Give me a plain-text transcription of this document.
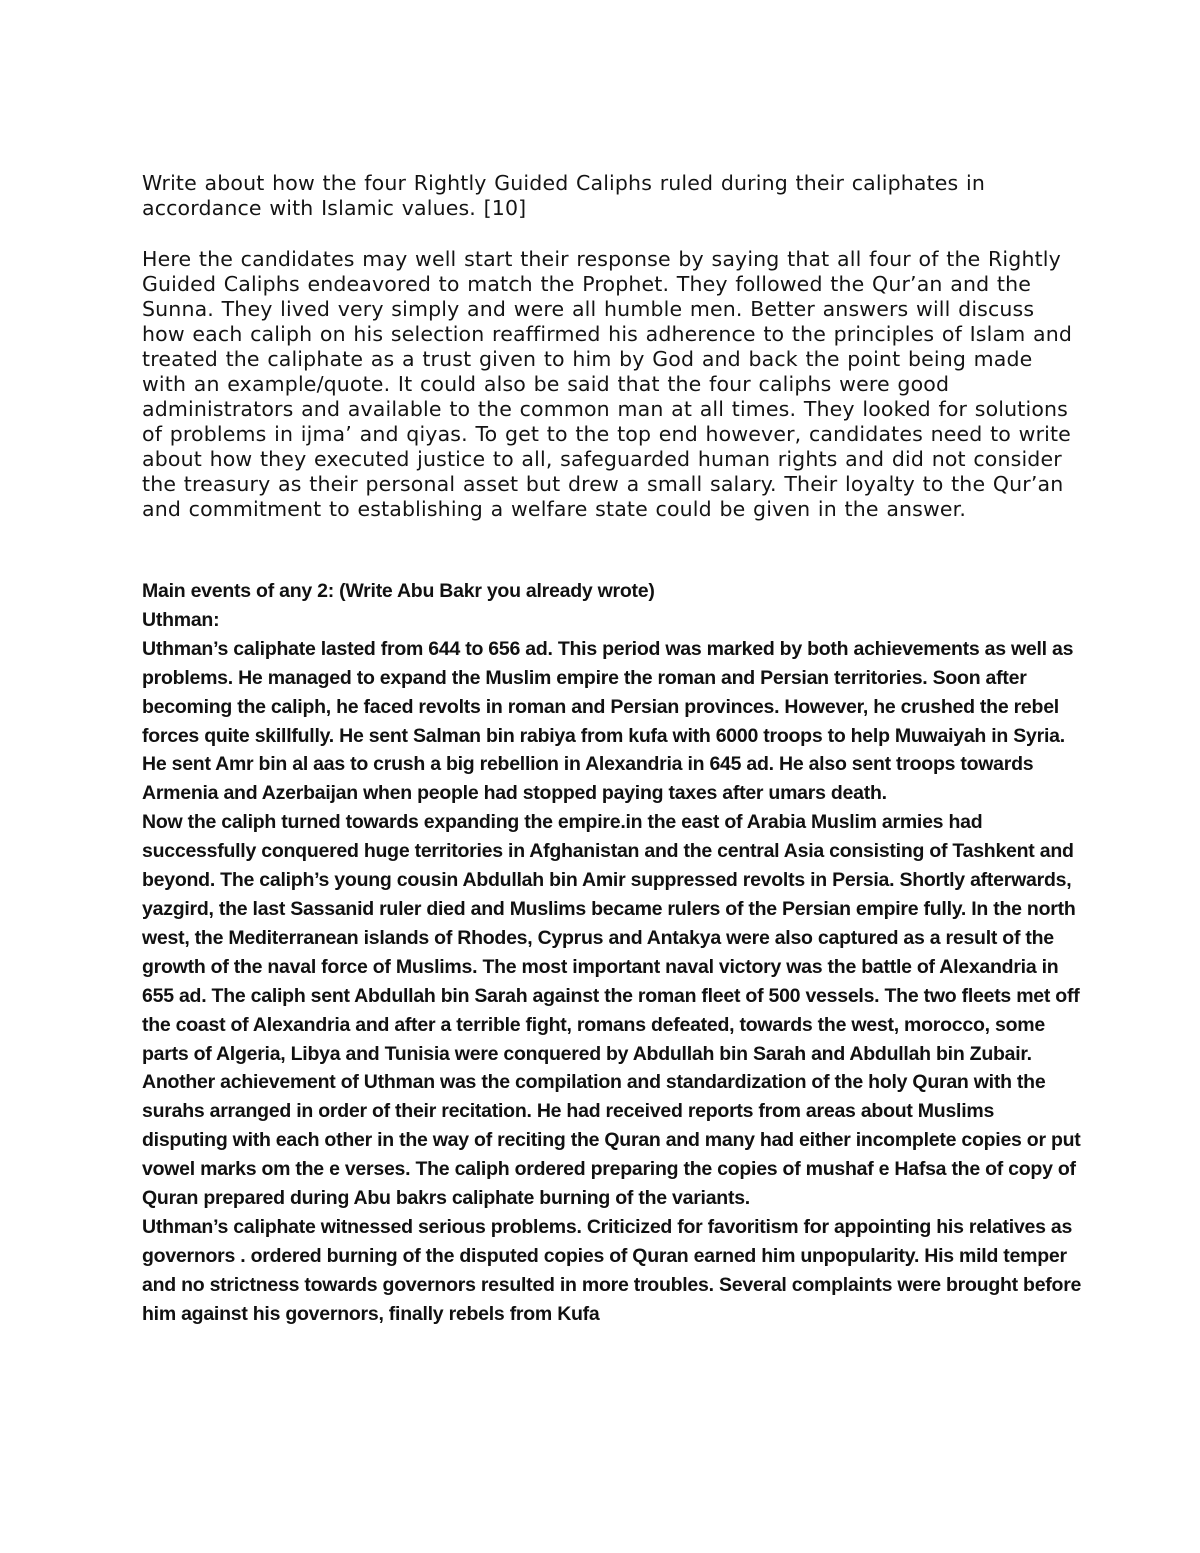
Write about how the four Rightly Guided Caliphs ruled during their caliphates in accordance with Islamic values. [10]

Here the candidates may well start their response by saying that all four of the Rightly Guided Caliphs endeavored to match the Prophet. They followed the Qur’an and the Sunna. They lived very simply and were all humble men. Better answers will discuss how each caliph on his selection reaffirmed his adherence to the principles of Islam and treated the caliphate as a trust given to him by God and back the point being made with an example/quote. It could also be said that the four caliphs were good administrators and available to the common man at all times. They looked for solutions of problems in ijma’ and qiyas. To get to the top end however, candidates need to write about how they executed justice to all, safeguarded human rights and did not consider the treasury as their personal asset but drew a small salary. Their loyalty to the Qur’an and commitment to establishing a welfare state could be given in the answer.

Main events of any 2: (Write Abu Bakr you already wrote)

Uthman:

Uthman’s caliphate lasted from 644 to 656 ad. This period was marked by both achievements as well as problems. He managed to expand the Muslim empire the roman and Persian territories. Soon after becoming the caliph, he faced revolts in roman and Persian provinces. However, he crushed the rebel forces quite skillfully. He sent Salman bin rabiya from kufa with 6000 troops to help Muwaiyah in Syria. He sent Amr bin al aas to crush a big rebellion in Alexandria in 645 ad. He also sent troops towards Armenia and Azerbaijan when people had stopped paying taxes after umars death.

Now the caliph turned towards expanding the empire.in the east of Arabia Muslim armies had successfully conquered huge territories in Afghanistan and the central Asia consisting of Tashkent and beyond. The caliph’s young cousin Abdullah bin Amir suppressed revolts in Persia. Shortly afterwards, yazgird, the last Sassanid ruler died and Muslims became rulers of the Persian empire fully. In the north west, the Mediterranean islands of Rhodes, Cyprus and Antakya were also captured as a result of the growth of the naval force of Muslims. The most important naval victory was the battle of Alexandria in 655 ad. The caliph sent Abdullah bin Sarah against the roman fleet of 500 vessels. The two fleets met off the coast of Alexandria and after a terrible fight, romans defeated, towards the west, morocco, some parts of Algeria, Libya and Tunisia were conquered by Abdullah bin Sarah and Abdullah bin Zubair.

Another achievement of Uthman was the compilation and standardization of the holy Quran with the surahs arranged in order of their recitation. He had received reports from areas about Muslims disputing with each other in the way of reciting the Quran and many had either incomplete copies or put vowel marks om the e verses. The caliph ordered preparing the copies of mushaf e Hafsa the of copy of Quran prepared during Abu bakrs caliphate burning of the variants.

Uthman’s caliphate witnessed serious problems. Criticized for favoritism for appointing his relatives as governors . ordered burning of the disputed copies of Quran earned him unpopularity. His mild temper and no strictness towards governors resulted in more troubles. Several complaints were brought before him against his governors, finally rebels from Kufa
